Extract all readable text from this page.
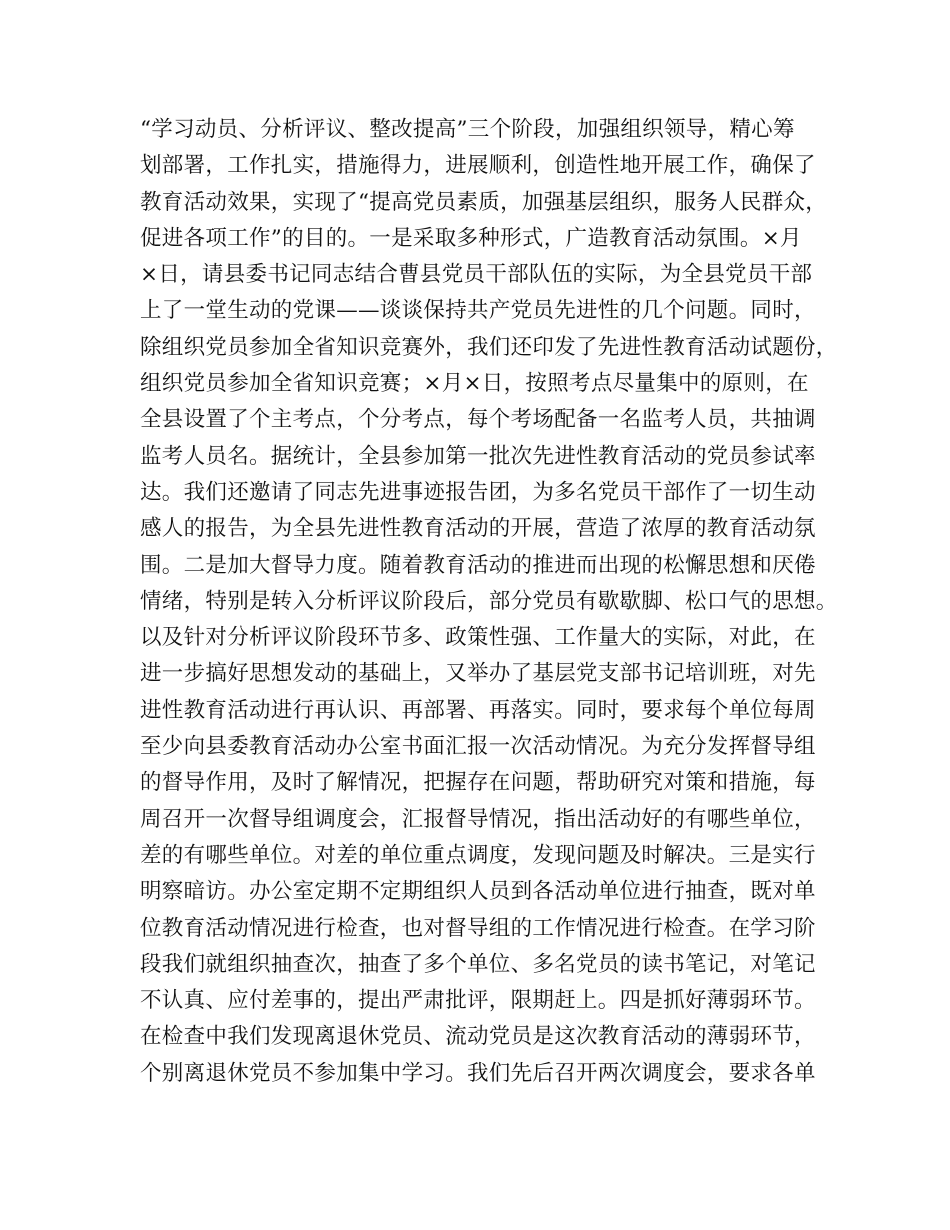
“学习动员、分析评议、整改提高”三个阶段，加强组织领导，精心筹
划部署，工作扎实，措施得力，进展顺利，创造性地开展工作，确保了
教育活动效果，实现了“提高党员素质，加强基层组织，服务人民群众，
促进各项工作”的目的。一是采取多种形式，广造教育活动氛围。×月
×日，请县委书记同志结合曹县党员干部队伍的实际，为全县党员干部
上了一堂生动的党课——谈谈保持共产党员先进性的几个问题。同时，
除组织党员参加全省知识竞赛外，我们还印发了先进性教育活动试题份，
组织党员参加全省知识竞赛；×月×日，按照考点尽量集中的原则，在
全县设置了个主考点，个分考点，每个考场配备一名监考人员，共抽调
监考人员名。据统计，全县参加第一批次先进性教育活动的党员参试率
达。我们还邀请了同志先进事迹报告团，为多名党员干部作了一切生动
感人的报告，为全县先进性教育活动的开展，营造了浓厚的教育活动氛
围。二是加大督导力度。随着教育活动的推进而出现的松懈思想和厌倦
情绪，特别是转入分析评议阶段后，部分党员有歇歇脚、松口气的思想。
以及针对分析评议阶段环节多、政策性强、工作量大的实际，对此，在
进一步搞好思想发动的基础上，又举办了基层党支部书记培训班，对先
进性教育活动进行再认识、再部署、再落实。同时，要求每个单位每周
至少向县委教育活动办公室书面汇报一次活动情况。为充分发挥督导组
的督导作用，及时了解情况，把握存在问题，帮助研究对策和措施，每
周召开一次督导组调度会，汇报督导情况，指出活动好的有哪些单位，
差的有哪些单位。对差的单位重点调度，发现问题及时解决。三是实行
明察暗访。办公室定期不定期组织人员到各活动单位进行抽查，既对单
位教育活动情况进行检查，也对督导组的工作情况进行检查。在学习阶
段我们就组织抽查次，抽查了多个单位、多名党员的读书笔记，对笔记
不认真、应付差事的，提出严肃批评，限期赶上。四是抓好薄弱环节。
在检查中我们发现离退休党员、流动党员是这次教育活动的薄弱环节，
个别离退休党员不参加集中学习。我们先后召开两次调度会，要求各单
